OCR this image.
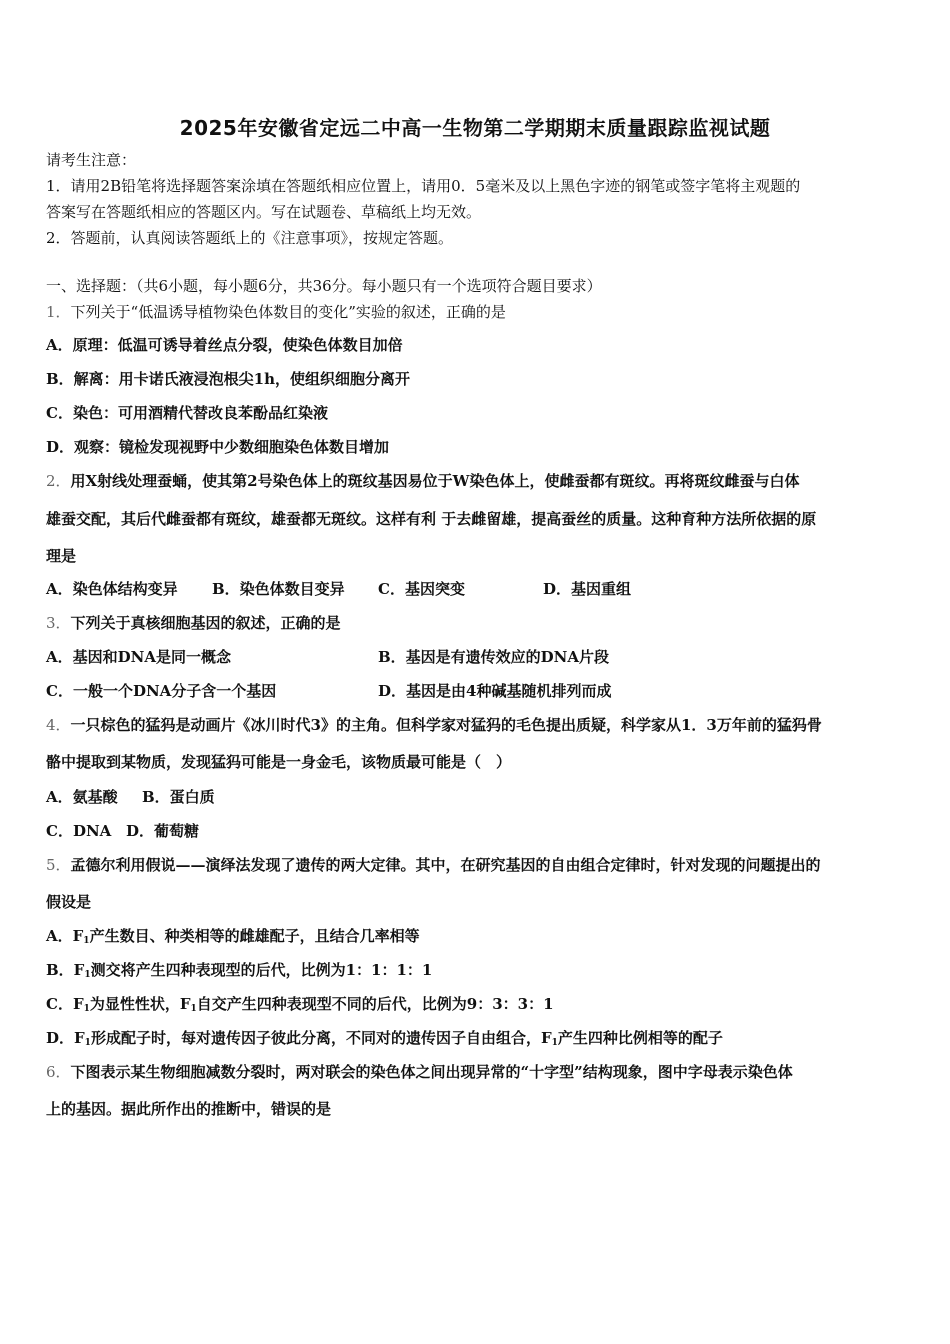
2025年安徽省定远二中高一生物第二学期期末质量跟踪监视试题
请考生注意：
1．请用2B铅笔将选择题答案涂填在答题纸相应位置上，请用0．5毫米及以上黑色字迹的钢笔或签字笔将主观题的
答案写在答题纸相应的答题区内。写在试题卷、草稿纸上均无效。
2．答题前，认真阅读答题纸上的《注意事项》，按规定答题。
一、选择题：（共6小题，每小题6分，共36分。每小题只有一个选项符合题目要求）
1．下列关于“低温诱导植物染色体数目的变化”实验的叙述，正确的是
A．原理：低温可诱导着丝点分裂，使染色体数目加倍
B．解离：用卡诺氏液浸泡根尖1h，使组织细胞分离开
C．染色：可用酒精代替改良苯酚品红染液
D．观察：镜检发现视野中少数细胞染色体数目增加
2．用X射线处理蚕蛹，使其第2号染色体上的斑纹基因易位于W染色体上，使雌蚕都有斑纹。再将斑纹雌蚕与白体
雄蚕交配，其后代雌蚕都有斑纹，雄蚕都无斑纹。这样有利 于去雌留雄，提高蚕丝的质量。这种育种方法所依据的原
理是
A．染色体结构变异 B．染色体数目变异 C．基因突变	D．基因重组
3．下列关于真核细胞基因的叙述，正确的是
A．基因和DNA是同一概念	B．基因是有遗传效应的DNA片段
C．一般一个DNA分子含一个基因	D．基因是由4种碱基随机排列而成
4．一只棕色的猛犸是动画片《冰川时代3》的主角。但科学家对猛犸的毛色提出质疑，科学家从1．3万年前的猛犸骨
骼中提取到某物质，发现猛犸可能是一身金毛，该物质最可能是（　）
A．氨基酸 B．蛋白质
C．DNA D．葡萄糖
5．孟德尔利用假说——演绎法发现了遗传的两大定律。其中，在研究基因的自由组合定律时，针对发现的问题提出的
假设是
A．$F_1$产生数目、种类相等的雌雄配子，且结合几率相等
B．$F_1$测交将产生四种表现型的后代，比例为1：1：1：1
C．$F_1$为显性性状，$F_1$自交产生四种表现型不同的后代，比例为9：3：3：1
D．$F_1$形成配子时，每对遗传因子彼此分离，不同对的遗传因子自由组合，$F_1$产生四种比例相等的配子
6．下图表示某生物细胞减数分裂时，两对联会的染色体之间出现异常的“十字型”结构现象，图中字母表示染色体
上的基因。据此所作出的推断中，错误的是
